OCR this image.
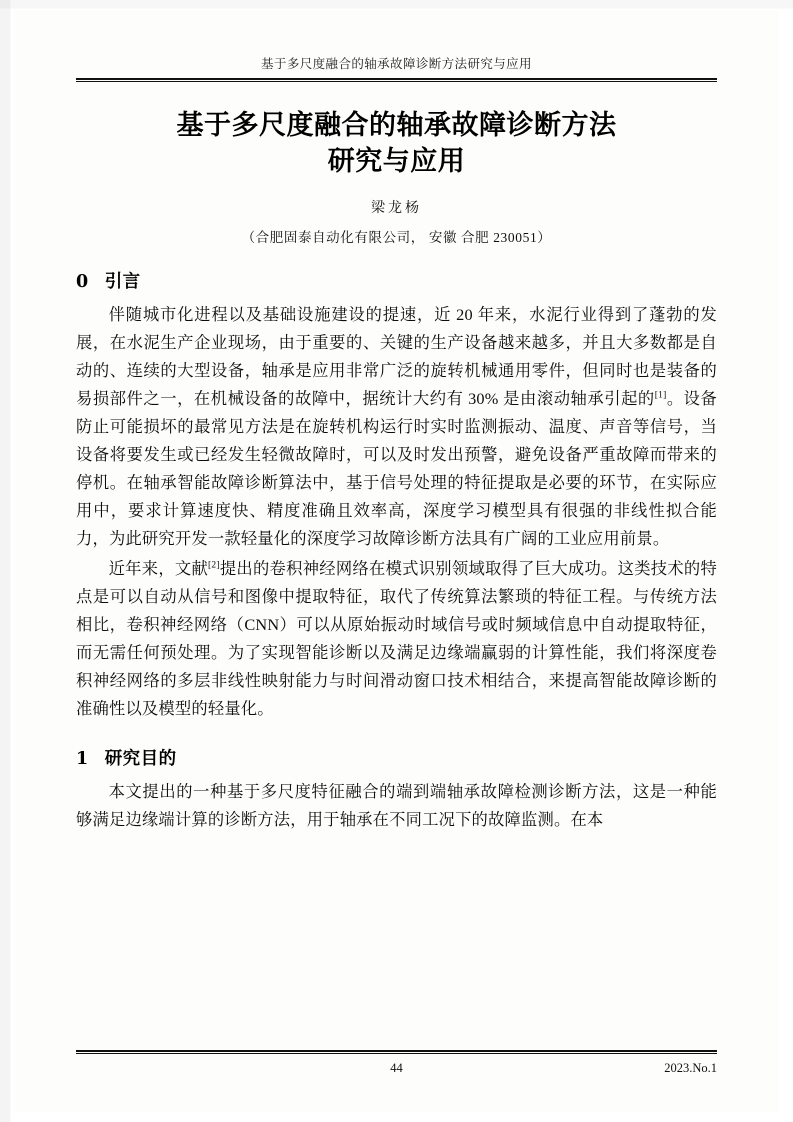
基于多尺度融合的轴承故障诊断方法研究与应用
基于多尺度融合的轴承故障诊断方法
研究与应用
梁龙杨
（合肥固泰自动化有限公司， 安徽 合肥 230051）
0 引言

伴随城市化进程以及基础设施建设的提速，近 20 年来，水泥行业得到了蓬勃的发展，在水泥生产企业现场，由于重要的、关键的生产设备越来越多，并且大多数都是自动的、连续的大型设备，轴承是应用非常广泛的旋转机械通用零件，但同时也是装备的易损部件之一，在机械设备的故障中，据统计大约有 30% 是由滚动轴承引起的[1]。设备防止可能损坏的最常见方法是在旋转机构运行时实时监测振动、温度、声音等信号，当设备将要发生或已经发生轻微故障时，可以及时发出预警，避免设备严重故障而带来的停机。在轴承智能故障诊断算法中，基于信号处理的特征提取是必要的环节，在实际应用中，要求计算速度快、精度准确且效率高，深度学习模型具有很强的非线性拟合能力，为此研究开发一款轻量化的深度学习故障诊断方法具有广阔的工业应用前景。

近年来，文献[2]提出的卷积神经网络在模式识别领域取得了巨大成功。这类技术的特点是可以自动从信号和图像中提取特征，取代了传统算法繁琐的特征工程。与传统方法相比，卷积神经网络（CNN）可以从原始振动时域信号或时频域信息中自动提取特征，而无需任何预处理。为了实现智能诊断以及满足边缘端赢弱的计算性能，我们将深度卷积神经网络的多层非线性映射能力与时间滑动窗口技术相结合，来提高智能故障诊断的准确性以及模型的轻量化。

1 研究目的

本文提出的一种基于多尺度特征融合的端到端轴承故障检测诊断方法，这是一种能够满足边缘端计算的诊断方法，用于轴承在不同工况下的故障监测。在本

44	2023.No.1
